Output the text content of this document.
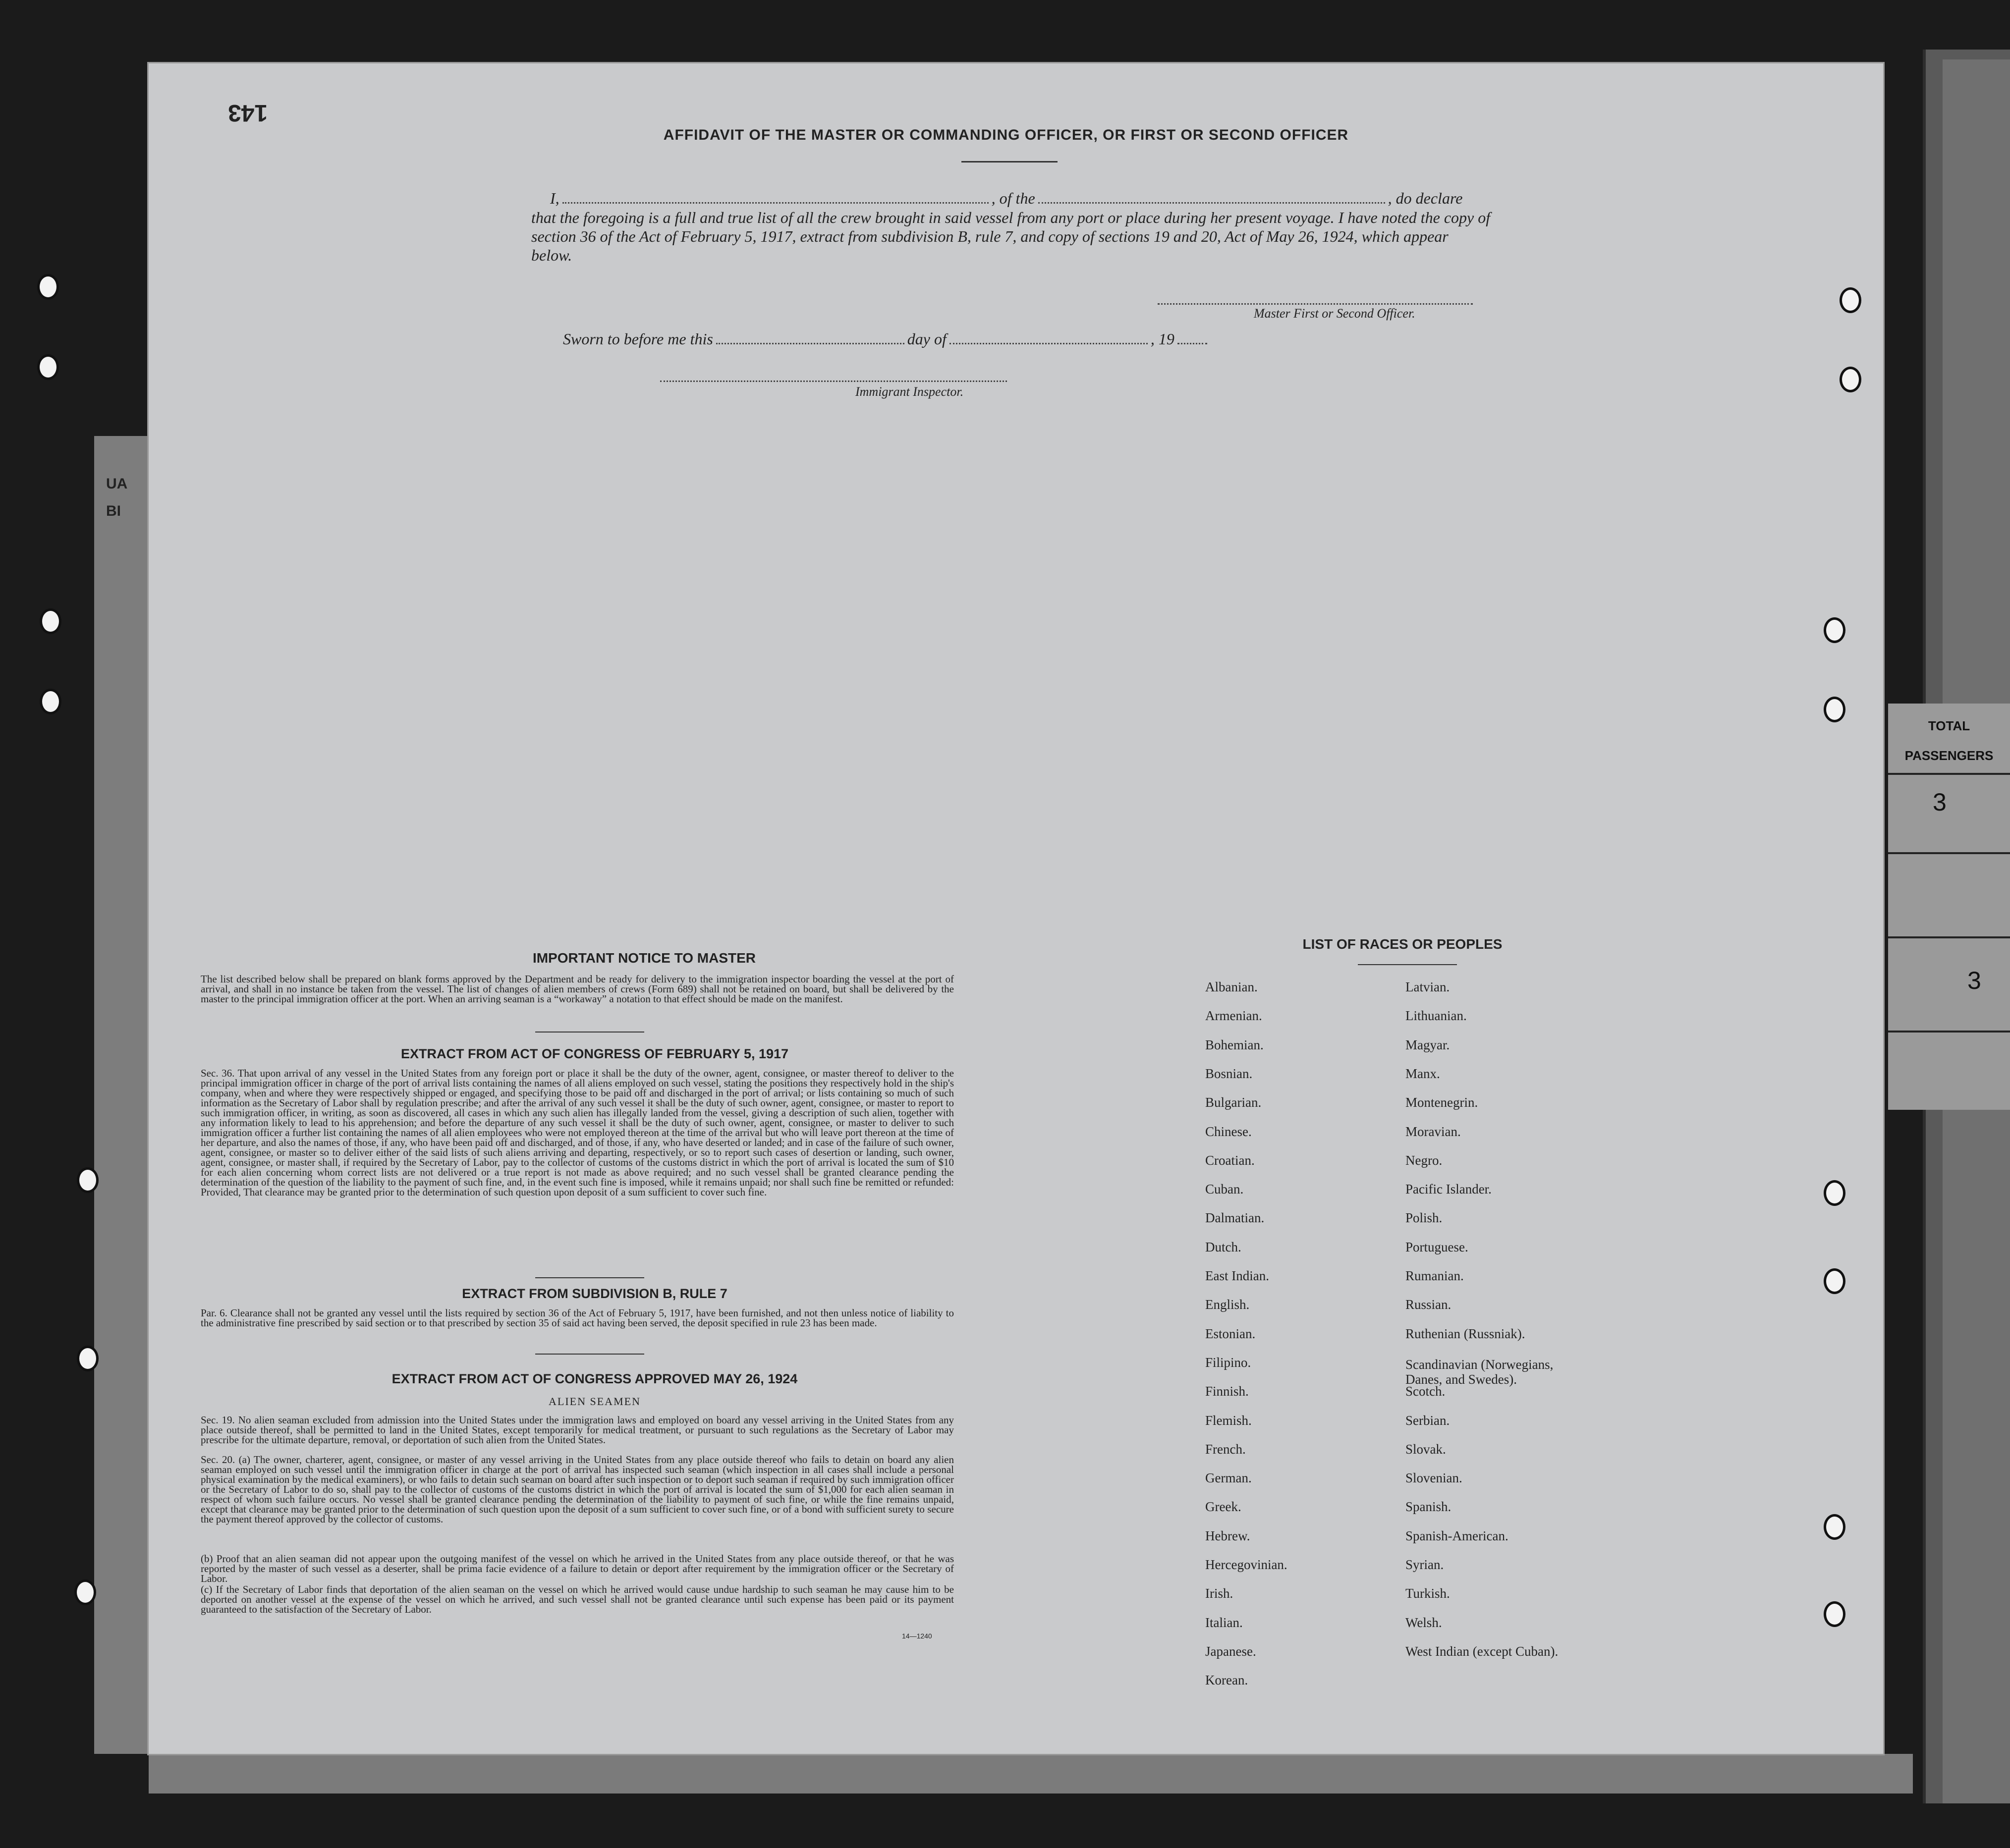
UA
BI
TOTAL
PASSENGERS
3
3
143
AFFIDAVIT OF THE MASTER OR COMMANDING OFFICER, OR FIRST OR SECOND OFFICER
I,	, of the	, do declare
that the foregoing is a full and true list of all the crew brought in said vessel from any port or place during her present voyage. I have noted the copy of section 36 of the Act of February 5, 1917, extract from subdivision B, rule 7, and copy of sections 19 and 20, Act of May 26, 1924, which appear below.
Master First or Second Officer.
Sworn to before me this	day of	, 19
Immigrant Inspector.
IMPORTANT NOTICE TO MASTER
The list described below shall be prepared on blank forms approved by the Department and be ready for delivery to the immigration inspector boarding the vessel at the port of arrival, and shall in no instance be taken from the vessel. The list of changes of alien members of crews (Form 689) shall not be retained on board, but shall be delivered by the master to the principal immigration officer at the port. When an arriving seaman is a “workaway” a notation to that effect should be made on the manifest.
EXTRACT FROM ACT OF CONGRESS OF FEBRUARY 5, 1917
Sec. 36. That upon arrival of any vessel in the United States from any foreign port or place it shall be the duty of the owner, agent, consignee, or master thereof to deliver to the principal immigration officer in charge of the port of arrival lists containing the names of all aliens employed on such vessel, stating the positions they respectively hold in the ship's company, when and where they were respectively shipped or engaged, and specifying those to be paid off and discharged in the port of arrival; or lists containing so much of such information as the Secretary of Labor shall by regulation prescribe; and after the arrival of any such vessel it shall be the duty of such owner, agent, consignee, or master to report to such immigration officer, in writing, as soon as discovered, all cases in which any such alien has illegally landed from the vessel, giving a description of such alien, together with any information likely to lead to his apprehension; and before the departure of any such vessel it shall be the duty of such owner, agent, consignee, or master to deliver to such immigration officer a further list containing the names of all alien employees who were not employed thereon at the time of the arrival but who will leave port thereon at the time of her departure, and also the names of those, if any, who have been paid off and discharged, and of those, if any, who have deserted or landed; and in case of the failure of such owner, agent, consignee, or master so to deliver either of the said lists of such aliens arriving and departing, respectively, or so to report such cases of desertion or landing, such owner, agent, consignee, or master shall, if required by the Secretary of Labor, pay to the collector of customs of the customs district in which the port of arrival is located the sum of $10 for each alien concerning whom correct lists are not delivered or a true report is not made as above required; and no such vessel shall be granted clearance pending the determination of the question of the liability to the payment of such fine, and, in the event such fine is imposed, while it remains unpaid; nor shall such fine be remitted or refunded: Provided, That clearance may be granted prior to the determination of such question upon deposit of a sum sufficient to cover such fine.
EXTRACT FROM SUBDIVISION B, RULE 7
Par. 6. Clearance shall not be granted any vessel until the lists required by section 36 of the Act of February 5, 1917, have been furnished, and not then unless notice of liability to the administrative fine prescribed by said section or to that prescribed by section 35 of said act having been served, the deposit specified in rule 23 has been made.
EXTRACT FROM ACT OF CONGRESS APPROVED MAY 26, 1924
ALIEN SEAMEN
Sec. 19. No alien seaman excluded from admission into the United States under the immigration laws and employed on board any vessel arriving in the United States from any place outside thereof, shall be permitted to land in the United States, except temporarily for medical treatment, or pursuant to such regulations as the Secretary of Labor may prescribe for the ultimate departure, removal, or deportation of such alien from the United States.
Sec. 20. (a) The owner, charterer, agent, consignee, or master of any vessel arriving in the United States from any place outside thereof who fails to detain on board any alien seaman employed on such vessel until the immigration officer in charge at the port of arrival has inspected such seaman (which inspection in all cases shall include a personal physical examination by the medical examiners), or who fails to detain such seaman on board after such inspection or to deport such seaman if required by such immigration officer or the Secretary of Labor to do so, shall pay to the collector of customs of the customs district in which the port of arrival is located the sum of $1,000 for each alien seaman in respect of whom such failure occurs. No vessel shall be granted clearance pending the determination of the liability to payment of such fine, or while the fine remains unpaid, except that clearance may be granted prior to the determination of such question upon the deposit of a sum sufficient to cover such fine, or of a bond with sufficient surety to secure the payment thereof approved by the collector of customs.
(b) Proof that an alien seaman did not appear upon the outgoing manifest of the vessel on which he arrived in the United States from any place outside thereof, or that he was reported by the master of such vessel as a deserter, shall be prima facie evidence of a failure to detain or deport after requirement by the immigration officer or the Secretary of Labor.
(c) If the Secretary of Labor finds that deportation of the alien seaman on the vessel on which he arrived would cause undue hardship to such seaman he may cause him to be deported on another vessel at the expense of the vessel on which he arrived, and such vessel shall not be granted clearance until such expense has been paid or its payment guaranteed to the satisfaction of the Secretary of Labor.
14—1240
LIST OF RACES OR PEOPLES
Albanian.
Armenian.
Bohemian.
Bosnian.
Bulgarian.
Chinese.
Croatian.
Cuban.
Dalmatian.
Dutch.
East Indian.
English.
Estonian.
Filipino.
Finnish.
Flemish.
French.
German.
Greek.
Hebrew.
Hercegovinian.
Irish.
Italian.
Japanese.
Korean.
Latvian.
Lithuanian.
Magyar.
Manx.
Montenegrin.
Moravian.
Negro.
Pacific Islander.
Polish.
Portuguese.
Rumanian.
Russian.
Ruthenian (Russniak).
Scandinavian (Norwegians,
Danes, and Swedes).
Scotch.
Serbian.
Slovak.
Slovenian.
Spanish.
Spanish-American.
Syrian.
Turkish.
Welsh.
West Indian (except Cuban).
